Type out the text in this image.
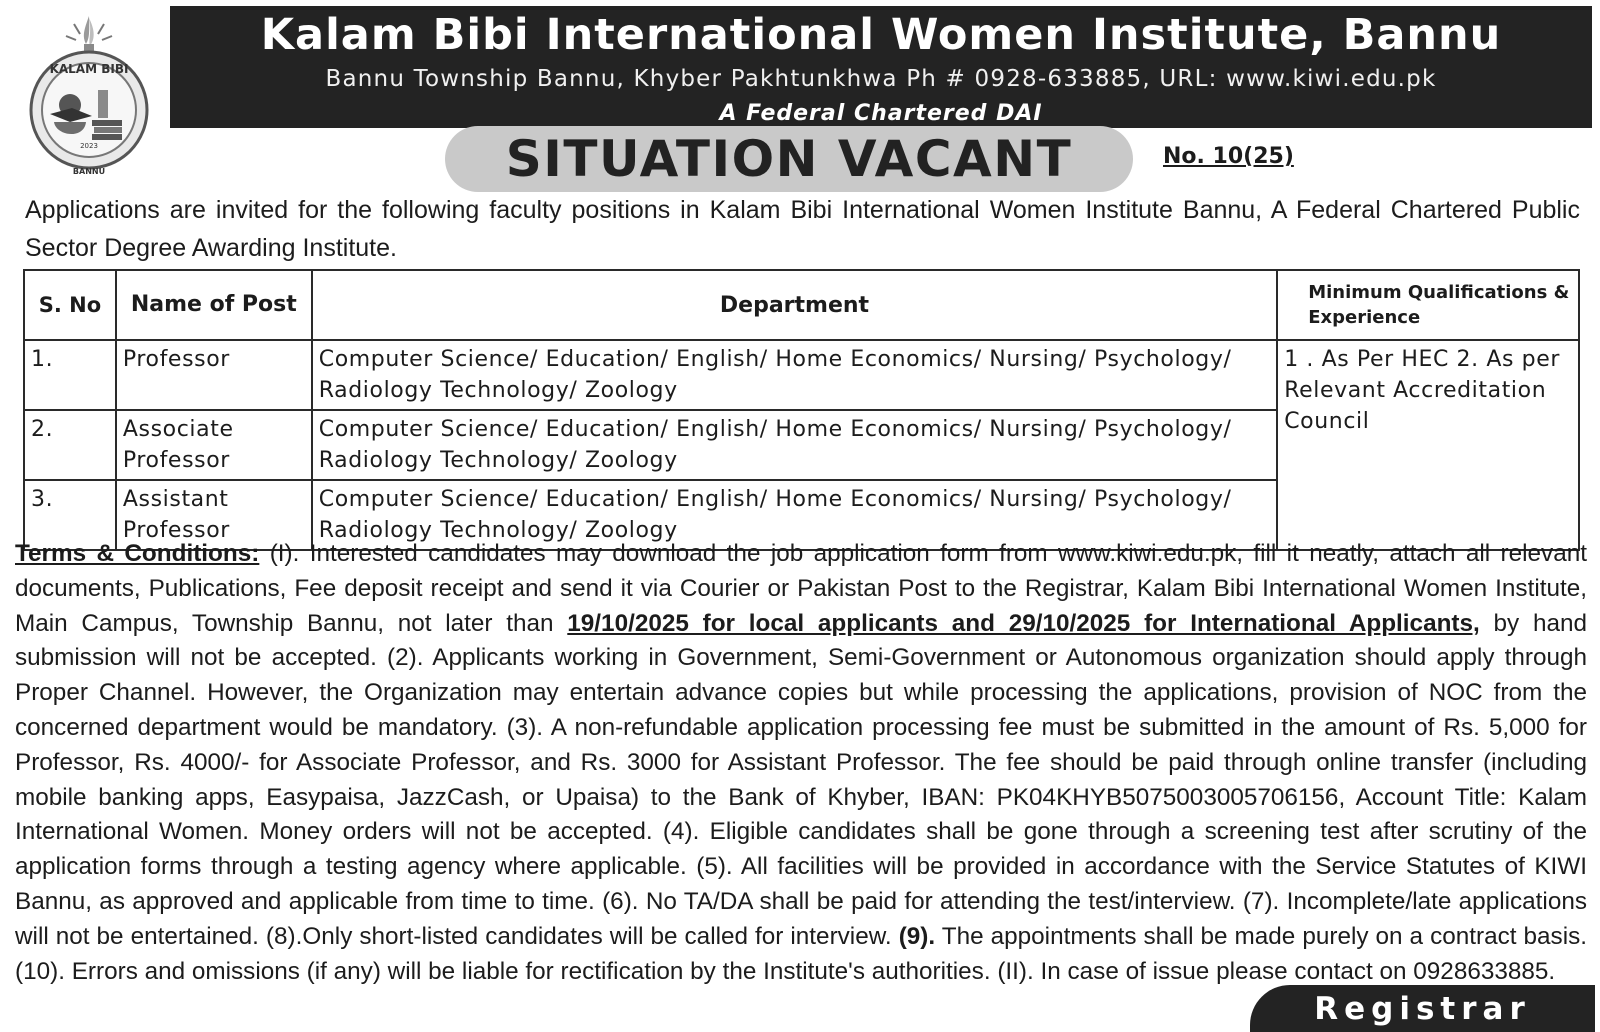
KALAM BIBI
2023
BANNU
Kalam Bibi International Women Institute, Bannu
Bannu Township Bannu, Khyber Pakhtunkhwa Ph # 0928-633885, URL: www.kiwi.edu.pk
A Federal Chartered DAI
SITUATION VACANT	No. 10(25)

Applications are invited for the following faculty positions in Kalam Bibi International Women Institute Bannu, A Federal Chartered Public Sector Degree Awarding Institute.

S. No	Name of Post	Department	Minimum Qualifications & Experience
1.	Professor	Computer Science/ Education/ English/ Home Economics/ Nursing/ Psychology/ Radiology Technology/ Zoology	1 . As Per HEC 2. As per Relevant Accreditation Council
2.	Associate Professor	Computer Science/ Education/ English/ Home Economics/ Nursing/ Psychology/ Radiology Technology/ Zoology	
3.	Assistant Professor	Computer Science/ Education/ English/ Home Economics/ Nursing/ Psychology/ Radiology Technology/ Zoology	

Terms & Conditions: (I). Interested candidates may download the job application form from www.kiwi.edu.pk, fill it neatly, attach all relevant documents, Publications, Fee deposit receipt and send it via Courier or Pakistan Post to the Registrar, Kalam Bibi International Women Institute, Main Campus, Township Bannu, not later than 19/10/2025 for local applicants and 29/10/2025 for International Applicants, by hand submission will not be accepted. (2). Applicants working in Government, Semi-Government or Autonomous organization should apply through Proper Channel. However, the Organization may entertain advance copies but while processing the applications, provision of NOC from the concerned department would be mandatory. (3). A non-refundable application processing fee must be submitted in the amount of Rs. 5,000 for Professor, Rs. 4000/- for Associate Professor, and Rs. 3000 for Assistant Professor. The fee should be paid through online transfer (including mobile banking apps, Easypaisa, JazzCash, or Upaisa) to the Bank of Khyber, IBAN: PK04KHYB5075003005706156, Account Title: Kalam International Women. Money orders will not be accepted. (4). Eligible candidates shall be gone through a screening test after scrutiny of the application forms through a testing agency where applicable. (5). All facilities will be provided in accordance with the Service Statutes of KIWI Bannu, as approved and applicable from time to time. (6). No TA/DA shall be paid for attending the test/interview. (7). Incomplete/late applications will not be entertained. (8).Only short-listed candidates will be called for interview. (9). The appointments shall be made purely on a contract basis. (10). Errors and omissions (if any) will be liable for rectification by the Institute's authorities. (II). In case of issue please contact on 0928633885.

Registrar
